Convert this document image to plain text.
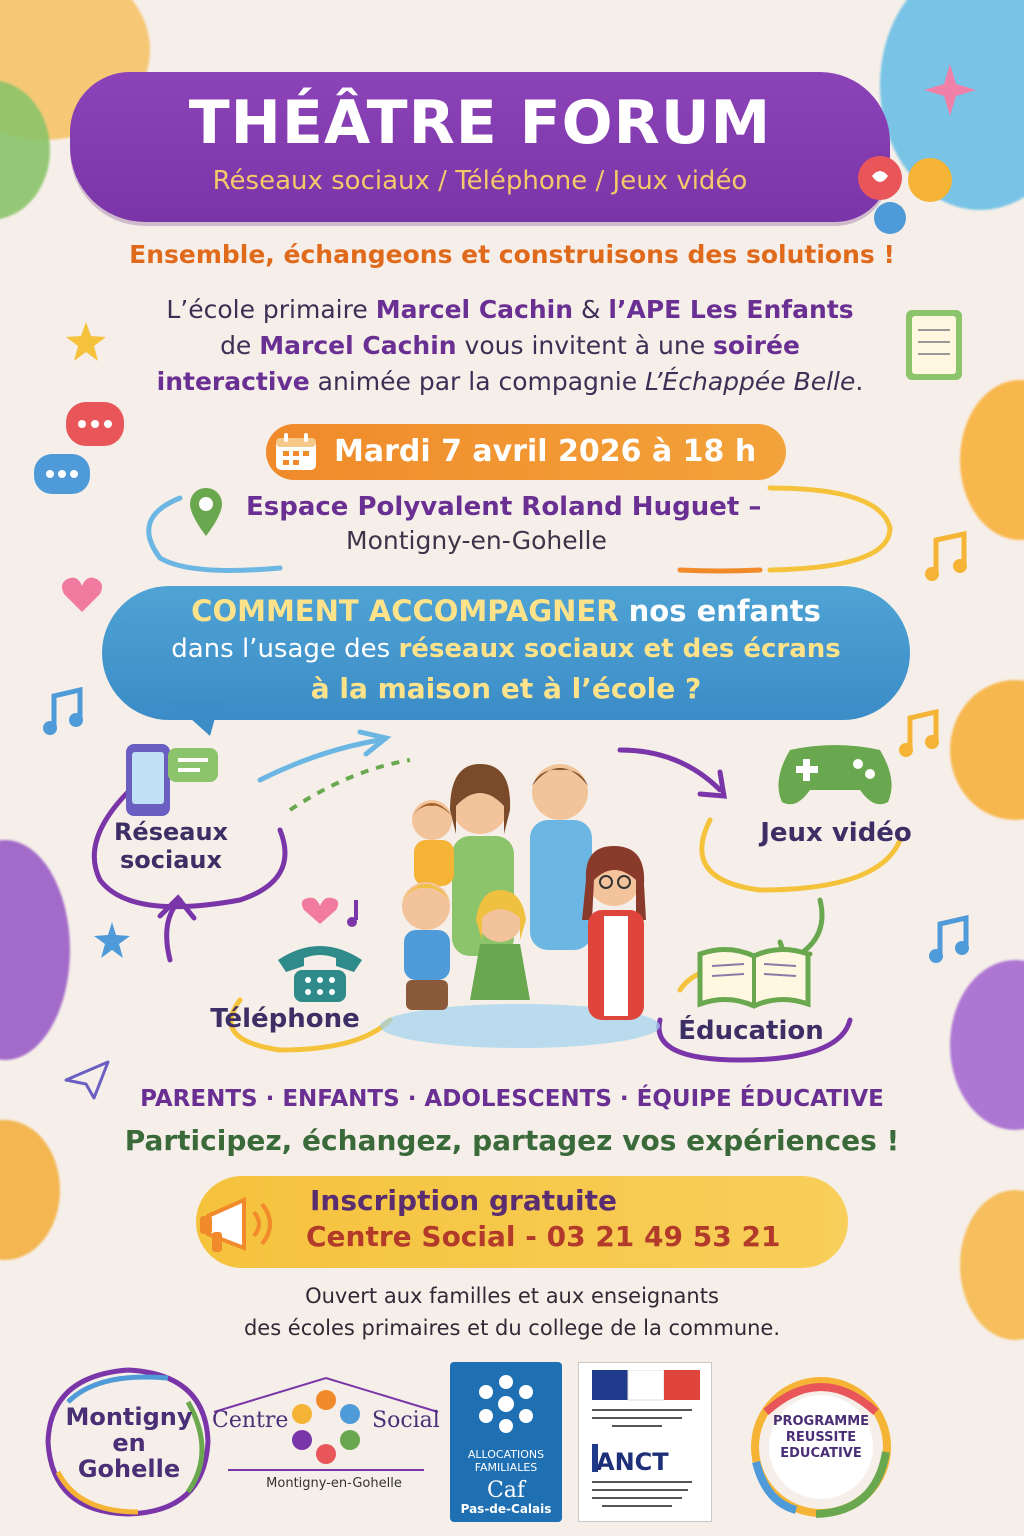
THÉÂTRE FORUM
Réseaux sociaux / Téléphone / Jeux vidéo
Ensemble, échangeons et construisons des solutions !
L’école primaire Marcel Cachin & l’APE Les Enfants
de Marcel Cachin vous invitent à une soirée
interactive animée par la compagnie L’Échappée Belle.
Mardi 7 avril 2026 à 18 h
Espace Polyvalent Roland Huguet –
Montigny-en-Gohelle
COMMENT ACCOMPAGNER nos enfants
dans l’usage des réseaux sociaux et des écrans
à la maison et à l’école ?
Réseaux
sociaux
Jeux vidéo
Téléphone	Éducation
PARENTS · ENFANTS · ADOLESCENTS · ÉQUIPE ÉDUCATIVE
Participez, échangez, partagez vos expériences !
Inscription gratuite
Centre Social - 03 21 49 53 21
Ouvert aux familles et aux enseignants
des écoles primaires et du college de la commune.
Montigny
en
Gohelle
Centre	Social
Montigny-en-Gohelle
ALLOCATIONS
FAMILIALES
Caf
Pas-de-Calais
ANCT
PROGRAMME
REUSSITE
EDUCATIVE
